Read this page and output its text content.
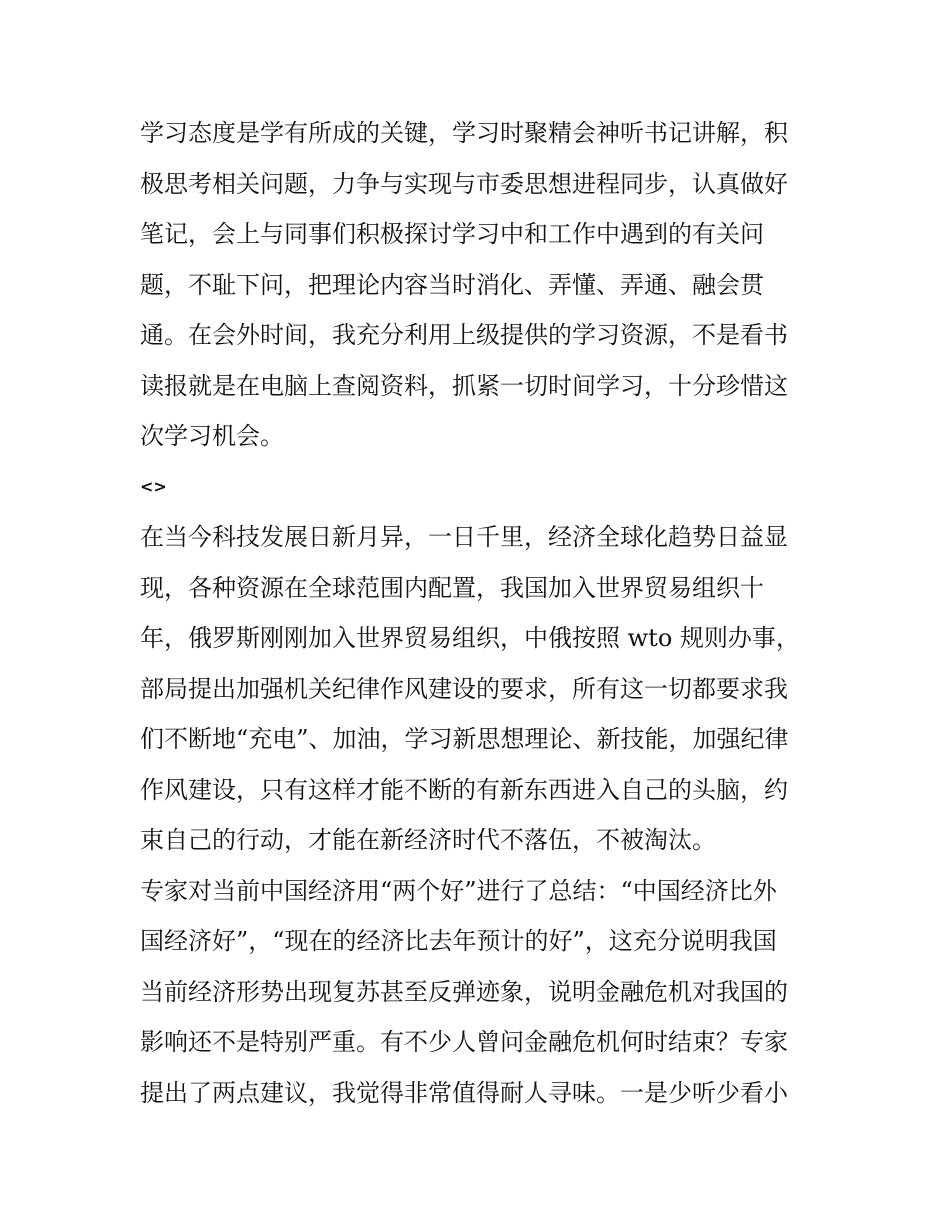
学习态度是学有所成的关键，学习时聚精会神听书记讲解，积
极思考相关问题，力争与实现与市委思想进程同步，认真做好
笔记，会上与同事们积极探讨学习中和工作中遇到的有关问
题，不耻下问，把理论内容当时消化、弄懂、弄通、融会贯
通。在会外时间，我充分利用上级提供的学习资源，不是看书
读报就是在电脑上查阅资料，抓紧一切时间学习，十分珍惜这
次学习机会。

<>

在当今科技发展日新月异，一日千里，经济全球化趋势日益显
现，各种资源在全球范围内配置，我国加入世界贸易组织十
年，俄罗斯刚刚加入世界贸易组织，中俄按照 wto 规则办事，
部局提出加强机关纪律作风建设的要求，所有这一切都要求我
们不断地“充电”、加油，学习新思想理论、新技能，加强纪律
作风建设，只有这样才能不断的有新东西进入自己的头脑，约
束自己的行动，才能在新经济时代不落伍，不被淘汰。

专家对当前中国经济用“两个好”进行了总结：“中国经济比外
国经济好”，“现在的经济比去年预计的好”，这充分说明我国
当前经济形势出现复苏甚至反弹迹象，说明金融危机对我国的
影响还不是特别严重。有不少人曾问金融危机何时结束？专家
提出了两点建议，我觉得非常值得耐人寻味。一是少听少看小
